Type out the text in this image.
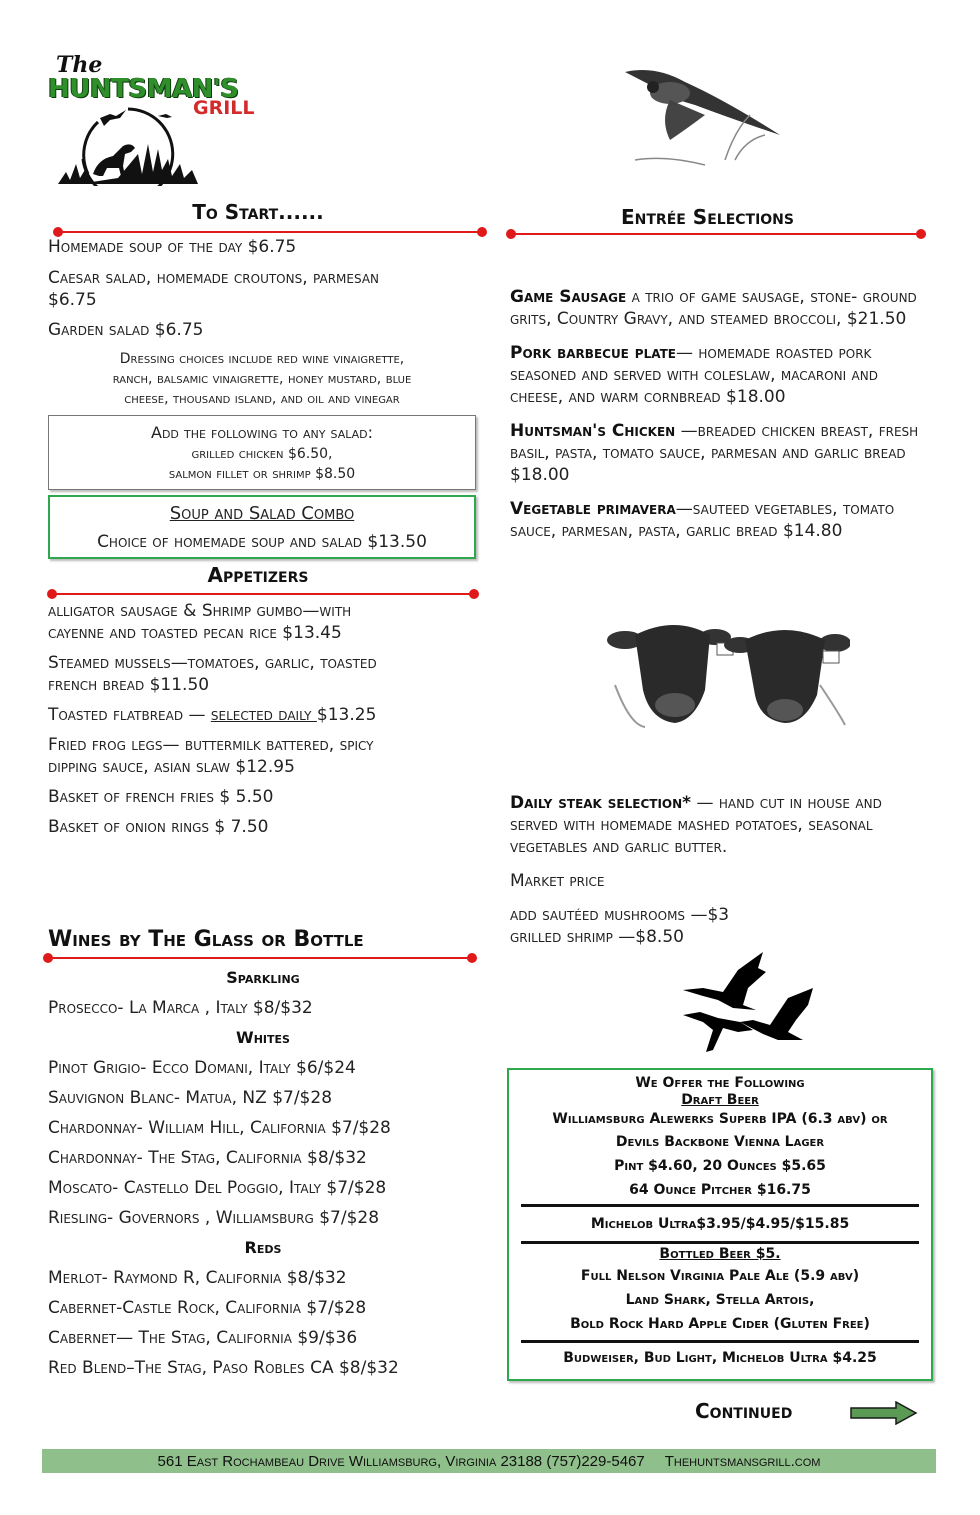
The
HUNTSMAN'S
GRILL
To Start......
Homemade soup of the day $6.75
Caesar salad, homemade croutons, parmesan
$6.75
Garden salad $6.75
Dressing choices include red wine vinaigrette,
ranch, balsamic vinaigrette, honey mustard, blue
cheese, thousand island, and oil and vinegar
Add the following to any salad:
grilled chicken $6.50,
salmon fillet or shrimp $8.50
Soup and Salad Combo
Choice of homemade soup and salad $13.50
Appetizers
alligator sausage & Shrimp gumbo—with
cayenne and toasted pecan rice $13.45
Steamed mussels—tomatoes, garlic, toasted
french bread $11.50
Toasted flatbread — selected daily $13.25
Fried frog legs— buttermilk battered, spicy
dipping sauce, asian slaw $12.95
Basket of french fries $ 5.50
Basket of onion rings $ 7.50
Wines by The Glass or Bottle
Sparkling
Prosecco- La Marca , Italy $8/$32
Whites
Pinot Grigio- Ecco Domani, Italy $6/$24
Sauvignon Blanc- Matua, NZ $7/$28
Chardonnay- William Hill, California $7/$28
Chardonnay- The Stag, California $8/$32
Moscato- Castello Del Poggio, Italy $7/$28
Riesling- Governors , Williamsburg $7/$28
Reds
Merlot- Raymond R, California $8/$32
Cabernet-Castle Rock, California $7/$28
Cabernet— The Stag, California $9/$36
Red Blend–The Stag, Paso Robles CA $8/$32
Entrée Selections
Game Sausage a trio of game sausage, stone- ground grits, Country Gravy, and steamed broccoli, $21.50
Pork barbecue plate— homemade roasted pork seasoned and served with coleslaw, macaroni and cheese, and warm cornbread $18.00
Huntsman's Chicken —breaded chicken breast, fresh basil, pasta, tomato sauce, parmesan and garlic bread $18.00
Vegetable primavera—sauteed vegetables, tomato sauce, parmesan, pasta, garlic bread $14.80
Daily steak selection* — hand cut in house and served with homemade mashed potatoes, seasonal vegetables and garlic butter.
Market price
add sautéed mushrooms —$3
grilled shrimp —$8.50
We Offer the Following
Draft Beer
Williamsburg Alewerks Superb IPA (6.3 abv) or
Devils Backbone Vienna Lager
Pint $4.60, 20 Ounces $5.65
64 Ounce Pitcher $16.75
Michelob Ultra$3.95/$4.95/$15.85
Bottled Beer $5.
Full Nelson Virginia Pale Ale (5.9 abv)
Land Shark, Stella Artois,
Bold Rock Hard Apple Cider (Gluten Free)
Budweiser, Bud Light, Michelob Ultra $4.25
Continued
561 East Rochambeau Drive Williamsburg, Virginia 23188 (757)229-5467 Thehuntsmansgrill.com
